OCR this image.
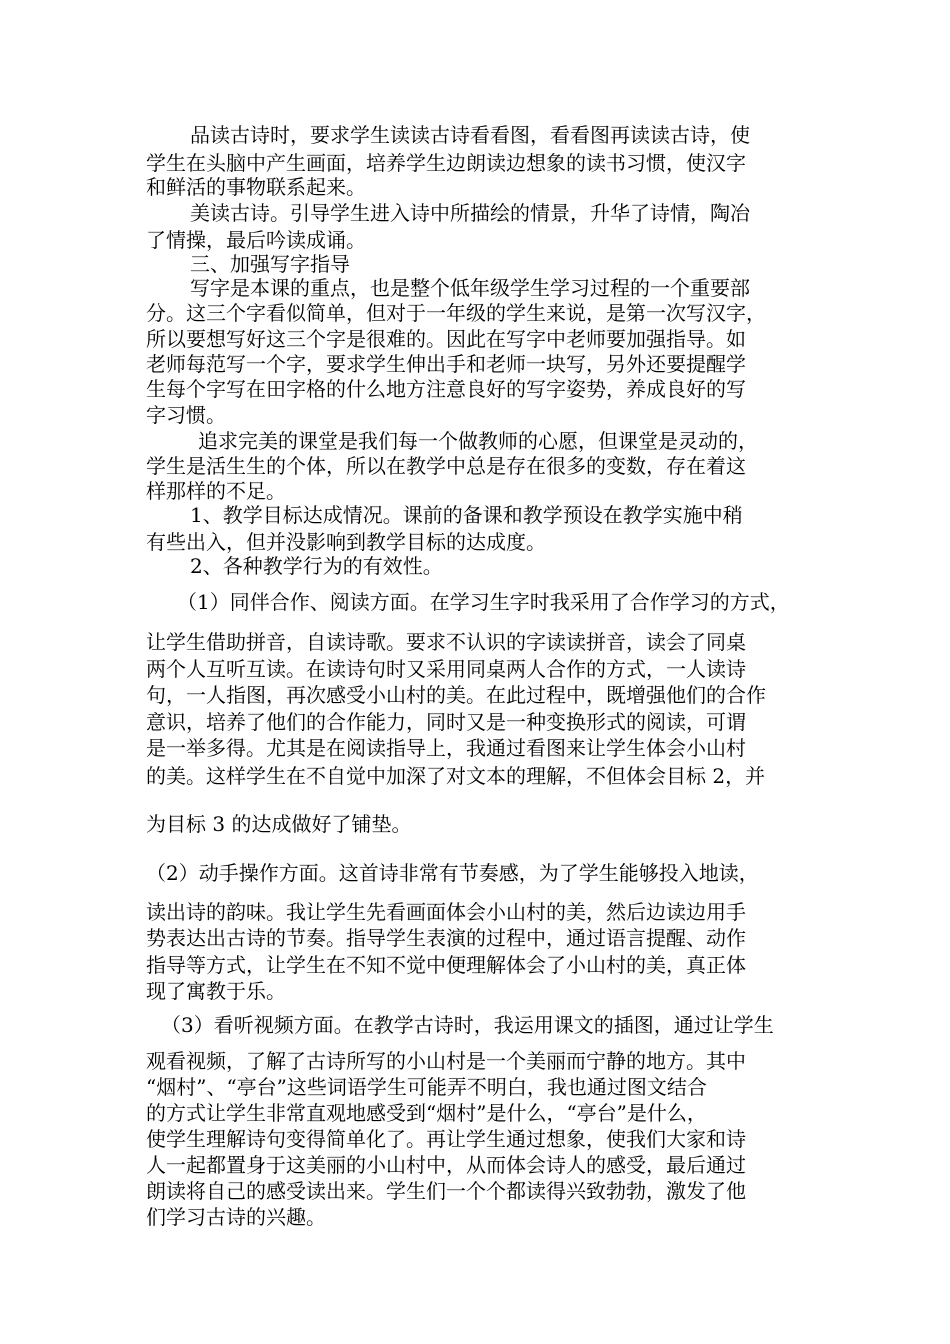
品读古诗时，要求学生读读古诗看看图，看看图再读读古诗，使
学生在头脑中产生画面，培养学生边朗读边想象的读书习惯，使汉字
和鲜活的事物联系起来。
美读古诗。引导学生进入诗中所描绘的情景，升华了诗情，陶冶
了情操，最后吟读成诵。
三、加强写字指导
写字是本课的重点，也是整个低年级学生学习过程的一个重要部
分。这三个字看似简单，但对于一年级的学生来说，是第一次写汉字，
所以要想写好这三个字是很难的。因此在写字中老师要加强指导。如
老师每范写一个字，要求学生伸出手和老师一块写，另外还要提醒学
生每个字写在田字格的什么地方注意良好的写字姿势，养成良好的写
字习惯。
追求完美的课堂是我们每一个做教师的心愿，但课堂是灵动的，
学生是活生生的个体，所以在教学中总是存在很多的变数，存在着这
样那样的不足。
1、教学目标达成情况。课前的备课和教学预设在教学实施中稍
有些出入，但并没影响到教学目标的达成度。
2、各种教学行为的有效性。
（1）同伴合作、阅读方面。在学习生字时我采用了合作学习的方式，
让学生借助拼音，自读诗歌。要求不认识的字读读拼音，读会了同桌
两个人互听互读。在读诗句时又采用同桌两人合作的方式，一人读诗
句，一人指图，再次感受小山村的美。在此过程中，既增强他们的合作
意识，培养了他们的合作能力，同时又是一种变换形式的阅读，可谓
是一举多得。尤其是在阅读指导上，我通过看图来让学生体会小山村
的美。这样学生在不自觉中加深了对文本的理解，不但体会目标 2，并
为目标 3 的达成做好了铺垫。
（2）动手操作方面。这首诗非常有节奏感，为了学生能够投入地读，
读出诗的韵味。我让学生先看画面体会小山村的美，然后边读边用手
势表达出古诗的节奏。指导学生表演的过程中，通过语言提醒、动作
指导等方式，让学生在不知不觉中便理解体会了小山村的美，真正体
现了寓教于乐。
（3）看听视频方面。在教学古诗时，我运用课文的插图，通过让学生
观看视频，了解了古诗所写的小山村是一个美丽而宁静的地方。其中
“烟村”、“亭台”这些词语学生可能弄不明白，我也通过图文结合
的方式让学生非常直观地感受到“烟村”是什么，“亭台”是什么，
使学生理解诗句变得简单化了。再让学生通过想象，使我们大家和诗
人一起都置身于这美丽的小山村中，从而体会诗人的感受，最后通过
朗读将自己的感受读出来。学生们一个个都读得兴致勃勃，激发了他
们学习古诗的兴趣。
